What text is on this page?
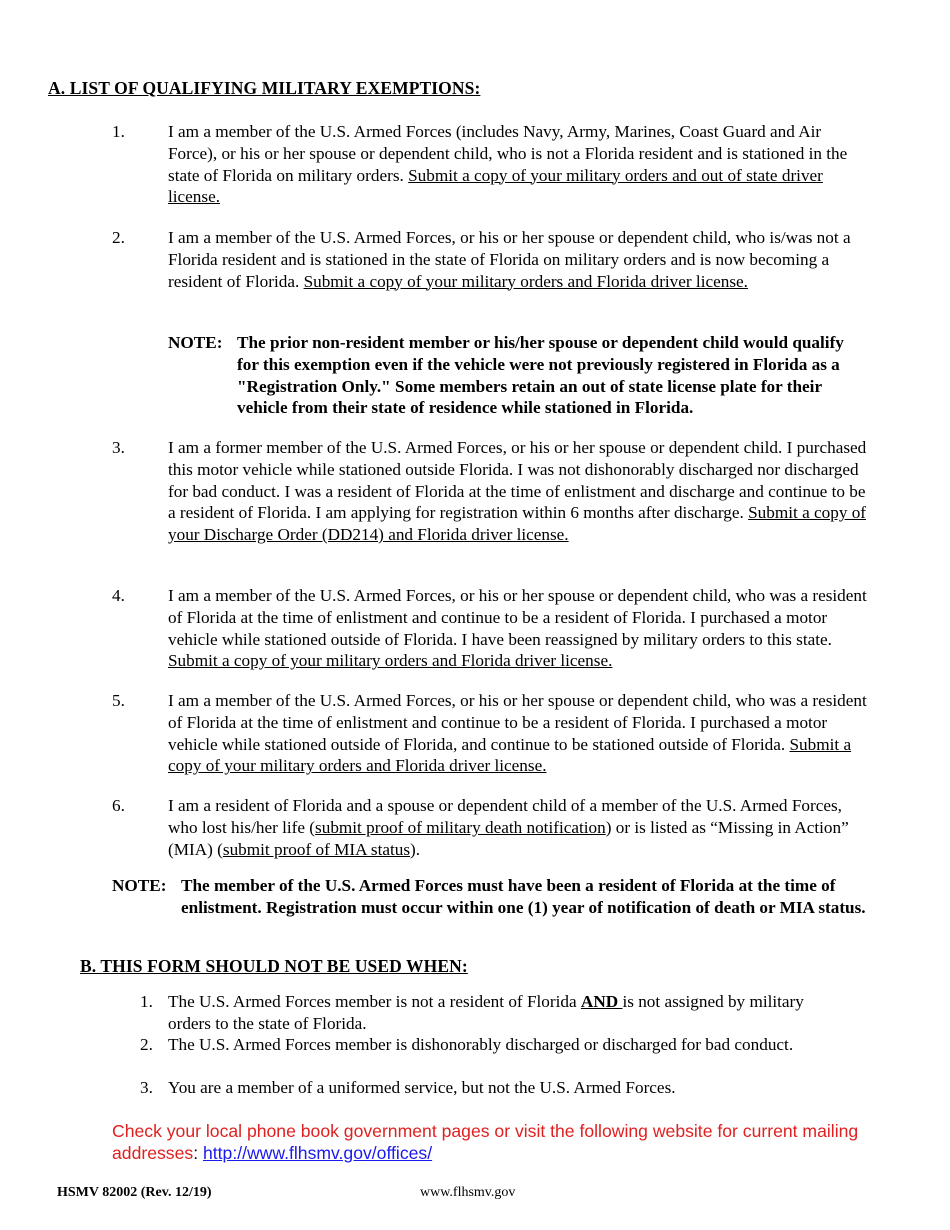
A. LIST OF QUALIFYING MILITARY EXEMPTIONS:
1.	I am a member of the U.S. Armed Forces (includes Navy, Army, Marines, Coast Guard and Air Force), or his or her spouse or dependent child, who is not a Florida resident and is stationed in the state of Florida on military orders. Submit a copy of your military orders and out of state driver license.
2.	I am a member of the U.S. Armed Forces, or his or her spouse or dependent child, who is/was not a Florida resident and is stationed in the state of Florida on military orders and is now becoming a resident of Florida. Submit a copy of your military orders and Florida driver license.
NOTE: The prior non-resident member or his/her spouse or dependent child would qualify for this exemption even if the vehicle were not previously registered in Florida as a "Registration Only." Some members retain an out of state license plate for their vehicle from their state of residence while stationed in Florida.
3.	I am a former member of the U.S. Armed Forces, or his or her spouse or dependent child. I purchased this motor vehicle while stationed outside Florida. I was not dishonorably discharged nor discharged for bad conduct. I was a resident of Florida at the time of enlistment and discharge and continue to be a resident of Florida. I am applying for registration within 6 months after discharge. Submit a copy of your Discharge Order (DD214) and Florida driver license.
4.	I am a member of the U.S. Armed Forces, or his or her spouse or dependent child, who was a resident of Florida at the time of enlistment and continue to be a resident of Florida. I purchased a motor vehicle while stationed outside of Florida. I have been reassigned by military orders to this state. Submit a copy of your military orders and Florida driver license.
5.	I am a member of the U.S. Armed Forces, or his or her spouse or dependent child, who was a resident of Florida at the time of enlistment and continue to be a resident of Florida. I purchased a motor vehicle while stationed outside of Florida, and continue to be stationed outside of Florida. Submit a copy of your military orders and Florida driver license.
6.	I am a resident of Florida and a spouse or dependent child of a member of the U.S. Armed Forces, who lost his/her life (submit proof of military death notification) or is listed as “Missing in Action” (MIA) (submit proof of MIA status).
NOTE: The member of the U.S. Armed Forces must have been a resident of Florida at the time of enlistment. Registration must occur within one (1) year of notification of death or MIA status.
B. THIS FORM SHOULD NOT BE USED WHEN:
1. The U.S. Armed Forces member is not a resident of Florida AND is not assigned by military orders to the state of Florida.
2. The U.S. Armed Forces member is dishonorably discharged or discharged for bad conduct.
3. You are a member of a uniformed service, but not the U.S. Armed Forces.
Check your local phone book government pages or visit the following website for current mailing addresses: http://www.flhsmv.gov/offices/
HSMV 82002 (Rev. 12/19)	www.flhsmv.gov
